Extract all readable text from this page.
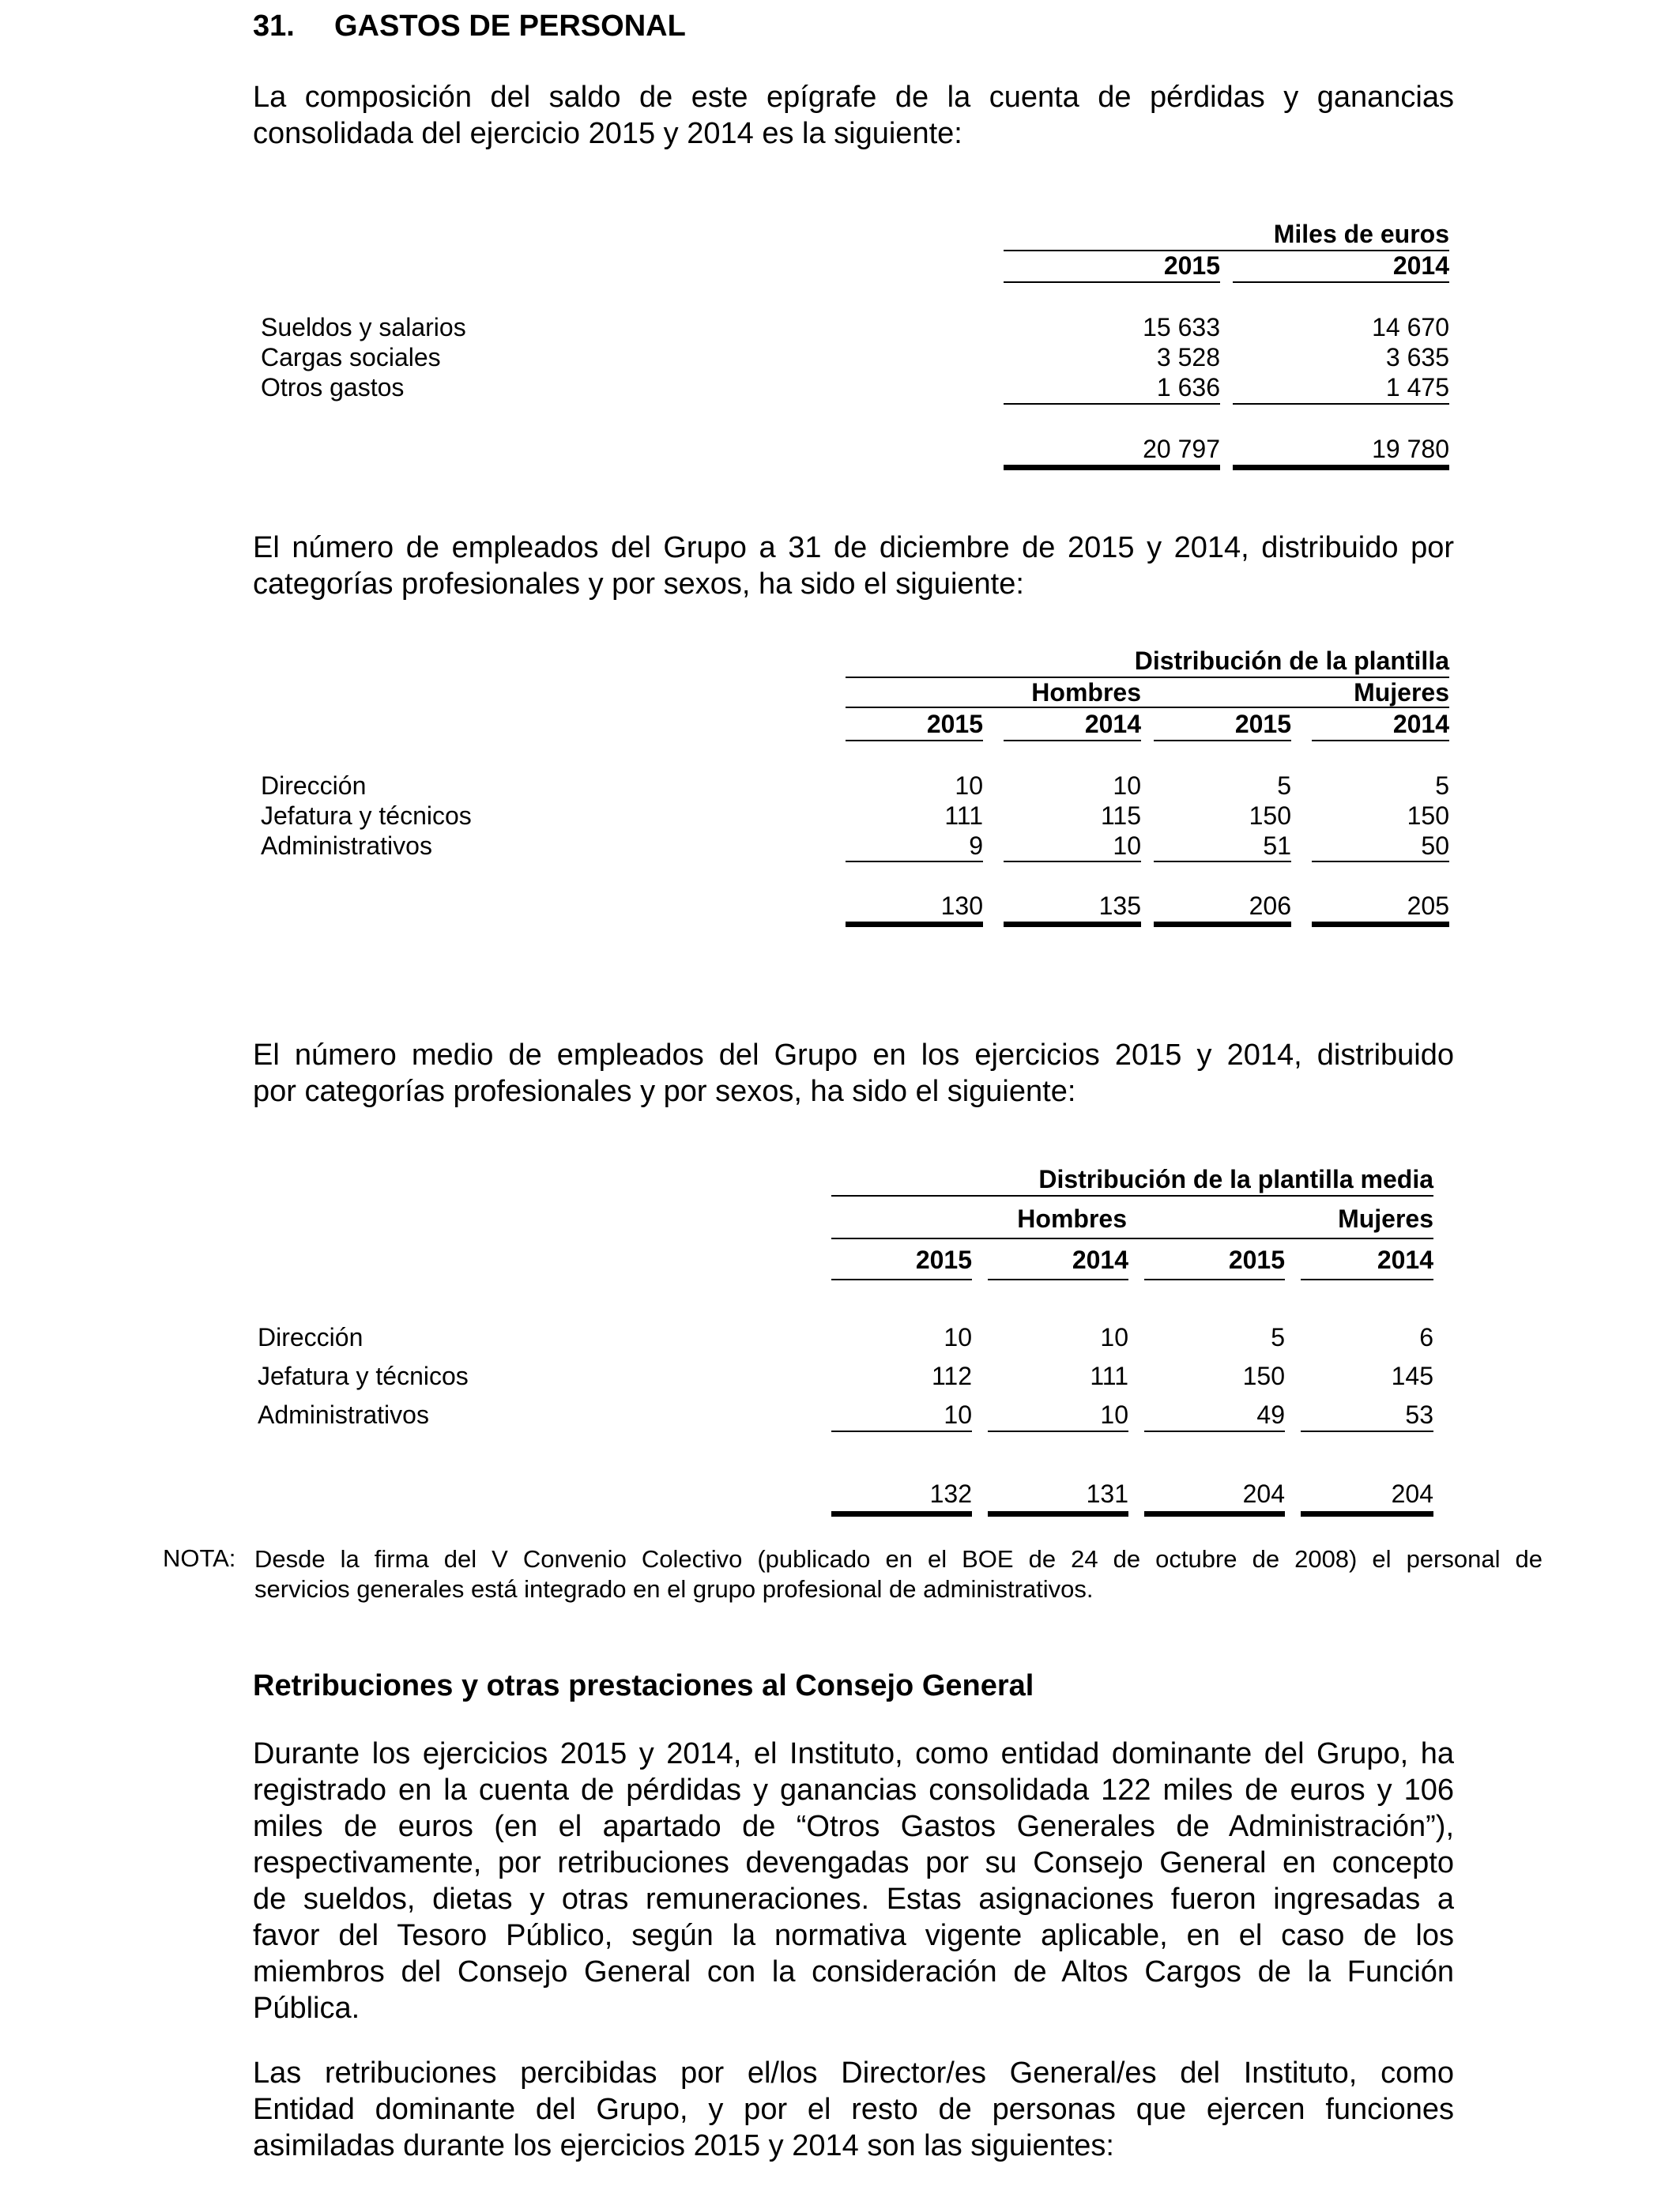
31. GASTOS DE PERSONAL
La composición del saldo de este epígrafe de la cuenta de pérdidas y ganancias
consolidada del ejercicio 2015 y 2014 es la siguiente:
Miles de euros
2015	2014
Sueldos y salarios	15 633	14 670
Cargas sociales	3 528	3 635
Otros gastos	1 636	1 475
20 797	19 780
El número de empleados del Grupo a 31 de diciembre de 2015 y 2014, distribuido por
categorías profesionales y por sexos, ha sido el siguiente:
Distribución de la plantilla
Hombres	Mujeres
2015	2014	2015	2014
Dirección	10	10	5	5
Jefatura y técnicos	111	115	150	150
Administrativos	9	10	51	50
130	135	206	205
El número medio de empleados del Grupo en los ejercicios 2015 y 2014, distribuido
por categorías profesionales y por sexos, ha sido el siguiente:
Distribución de la plantilla media
Hombres	Mujeres
2015	2014	2015	2014
Dirección	10	10	5	6
Jefatura y técnicos	112	111	150	145
Administrativos	10	10	49	53
132	131	204	204
NOTA: Desde la firma del V Convenio Colectivo (publicado en el BOE de 24 de octubre de 2008) el personal de
servicios generales está integrado en el grupo profesional de administrativos.
Retribuciones y otras prestaciones al Consejo General
Durante los ejercicios 2015 y 2014, el Instituto, como entidad dominante del Grupo, ha
registrado en la cuenta de pérdidas y ganancias consolidada 122 miles de euros y 106
miles de euros (en el apartado de “Otros Gastos Generales de Administración”),
respectivamente, por retribuciones devengadas por su Consejo General en concepto
de sueldos, dietas y otras remuneraciones. Estas asignaciones fueron ingresadas a
favor del Tesoro Público, según la normativa vigente aplicable, en el caso de los
miembros del Consejo General con la consideración de Altos Cargos de la Función
Pública.
Las retribuciones percibidas por el/los Director/es General/es del Instituto, como
Entidad dominante del Grupo, y por el resto de personas que ejercen funciones
asimiladas durante los ejercicios 2015 y 2014 son las siguientes:
